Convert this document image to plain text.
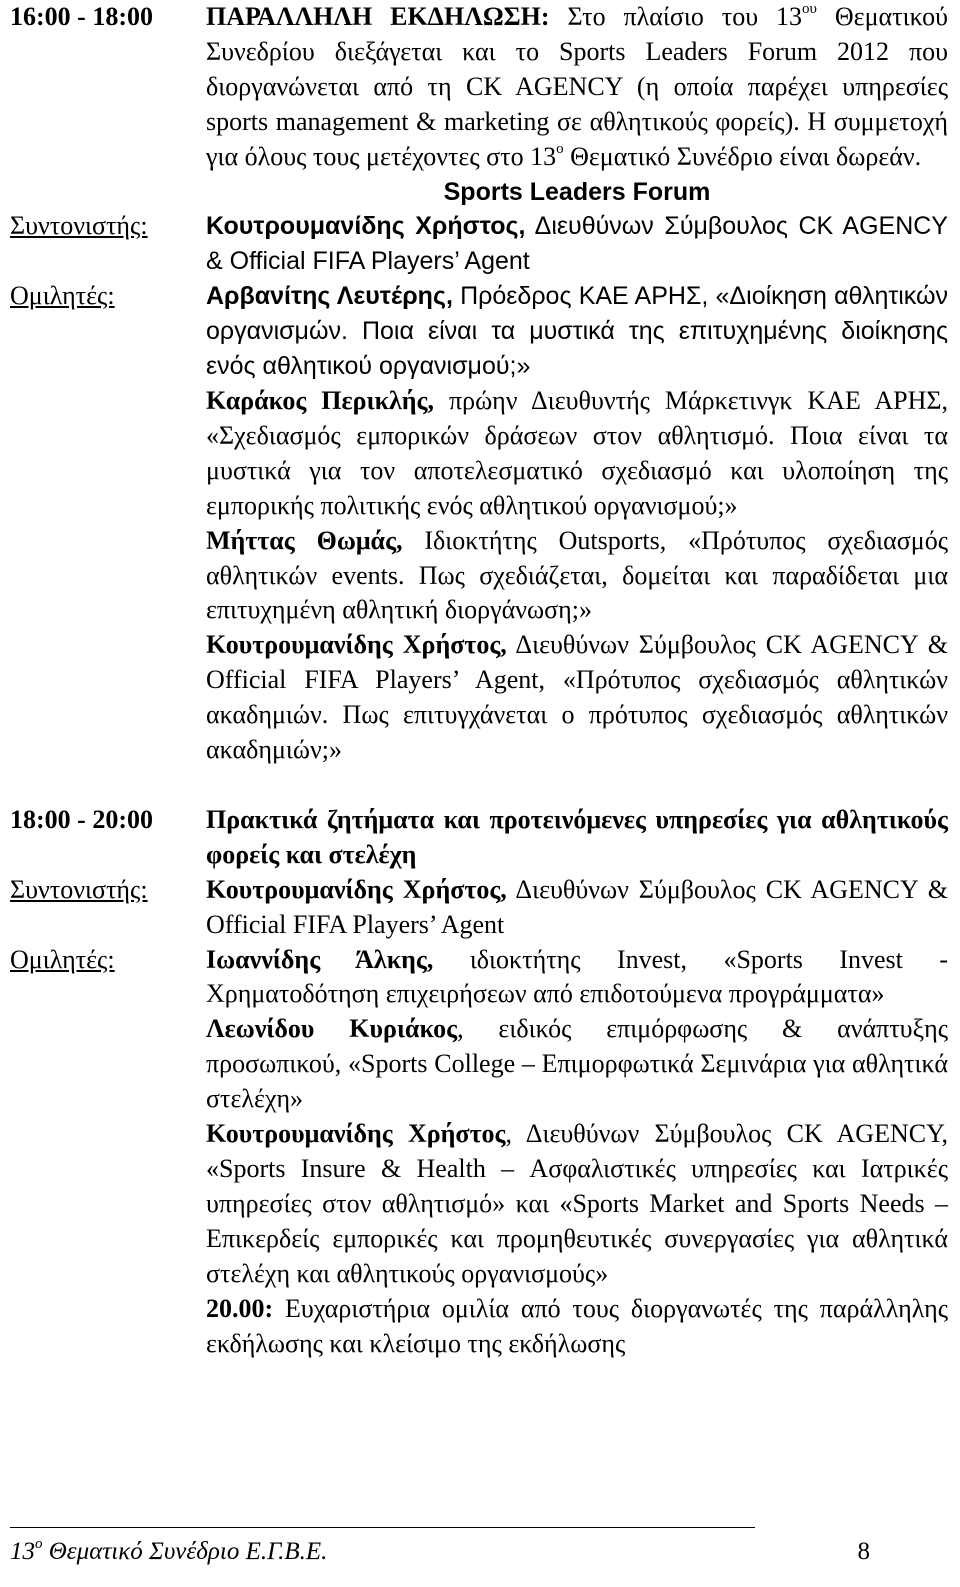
16:00 - 18:00	ΠΑΡΑΛΛΗΛΗ ΕΚΔΗΛΩΣΗ: Στο πλαίσιο του $13^{o\upsilon}$ Θεματικού Συνεδρίου διεξάγεται και το Sports Leaders Forum 2012 που διοργανώνεται από τη CK AGENCY (η οποία παρέχει υπηρεσίες sports management & marketing σε αθλητικούς φορείς). Η συμμετοχή για όλους τους μετέχοντες στο $13^o$ Θεματικό Συνέδριο είναι δωρεάν.

Sports Leaders Forum

Συντονιστής:	Κουτρουμανίδης Χρήστος, Διευθύνων Σύμβουλος CK AGENCY & Official FIFA Players’ Agent

Ομιλητές:	Αρβανίτης Λευτέρης, Πρόεδρος ΚΑΕ ΑΡΗΣ, «Διοίκηση αθλητικών οργανισμών. Ποια είναι τα μυστικά της επιτυχημένης διοίκησης ενός αθλητικού οργανισμού;»

Καράκος Περικλής, πρώην Διευθυντής Μάρκετινγκ ΚΑΕ ΑΡΗΣ, «Σχεδιασμός εμπορικών δράσεων στον αθλητισμό. Ποια είναι τα μυστικά για τον αποτελεσματικό σχεδιασμό και υλοποίηση της εμπορικής πολιτικής ενός αθλητικού οργανισμού;»

Μήττας Θωμάς, Ιδιοκτήτης Outsports, «Πρότυπος σχεδιασμός αθλητικών events. Πως σχεδιάζεται, δομείται και παραδίδεται μια επιτυχημένη αθλητική διοργάνωση;»

Κουτρουμανίδης Χρήστος, Διευθύνων Σύμβουλος CK AGENCY & Official FIFA Players’ Agent, «Πρότυπος σχεδιασμός αθλητικών ακαδημιών. Πως επιτυγχάνεται ο πρότυπος σχεδιασμός αθλητικών ακαδημιών;»

18:00 - 20:00	Πρακτικά ζητήματα και προτεινόμενες υπηρεσίες για αθλητικούς φορείς και στελέχη

Συντονιστής:	Κουτρουμανίδης Χρήστος, Διευθύνων Σύμβουλος CK AGENCY & Official FIFA Players’ Agent

Ομιλητές:	Ιωαννίδης Άλκης, ιδιοκτήτης Invest, «Sports Invest - Χρηματοδότηση επιχειρήσεων από επιδοτούμενα προγράμματα»

Λεωνίδου Κυριάκος, ειδικός επιμόρφωσης & ανάπτυξης προσωπικού, «Sports College – Επιμορφωτικά Σεμινάρια για αθλητικά στελέχη»

Κουτρουμανίδης Χρήστος, Διευθύνων Σύμβουλος CK AGENCY, «Sports Insure & Health – Ασφαλιστικές υπηρεσίες και Ιατρικές υπηρεσίες στον αθλητισμό» και «Sports Market and Sports Needs – Επικερδείς εμπορικές και προμηθευτικές συνεργασίες για αθλητικά στελέχη και αθλητικούς οργανισμούς»

20.00: Ευχαριστήρια ομιλία από τους διοργανωτές της παράλληλης εκδήλωσης και κλείσιμο της εκδήλωσης

$13^o$ Θεματικό Συνέδριο Ε.Γ.Β.Ε.	8
